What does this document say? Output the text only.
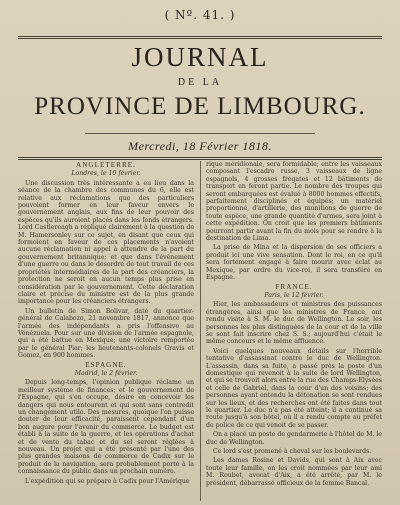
( Nº. 41. )
JOURNAL
DE LA
PROVINCE DE LIMBOURG.
Mercredi, 18 Février 1818.
ANGLETERRE.
Londres, le 10 février.

Une discussion très intéressante a eu lieu dans la séance de la chambre des communes du 6, elle est relative aux réclamations que des particuliers pouvoient former en leur faveur envers le gouvernement anglais, aux fins de leur pouvoir des espèces qu'ils auroient placés dans les fonds étrangers. Lord Castlereagh a répliqué clairement à la question de M. Hamersonley sur ce sujet, en disant que ceux qui formoient en faveur de ces placements n'avoient aucune réclamation ni appel à attendre de la part du gouvernement britannique; et que dans l'événement d'une guerre ou dans le désordre de tout travail de ces propriétés intermédiaires de la part des créanciers, la protection ne seroit en aucun temps plus prise en considération par le gouvernement. Cette déclaration claire et précise du ministre est de la plus grande importance pour les créanciers étrangers.

Un bulletin de Simon Bolivar, daté du quartier-général de Calabozo, 21 novembre 1817, annonce que l'armée des indépendants a pris l'offensive au Vénézuela. Pour sur une division de l'armée espagnole, qui a été battue en Mexique; une victoire remportée par le général Piar; les lieutenants-colonels Gravis et Gomez, en 900 hommes.

ESPAGNE.
Madrid, le 2 février.

Depuis long-temps, l'opinion publique réclame un meilleur système de finances; et le gouvernement de l'Espagne, qui s'en occupe, désire en concevoir les dangers qui nous entourent et qui sont sans contredit un changement utile. Des mesures, quoique l'on puisse douter de leur efficacité, paraissent cependant d'un bon augure pour l'avenir du commerce. Le budget est établi à la suite de la guerre, et les opérations d'achat et de vente du tabac et du sel seront réglées à nouveau. Un projet qui a été présenté par l'une des plus grandes maisons de commerce de Cadix sur le produit de la navigation, sera probablement porté à la connaissance du public dans un prochain numéro.

L'expédition qui se prépare à Cadix pour l'Amérique

rique méridionale, sera formidable; entre les vaisseaux composant l'escadre russe, 3 vaisseaux de ligne espagnols, 4 grosses frégates et 12 bâtiments de transport en feront partie. Le nombre des troupes qui seront embarquées est évalué à 8000 hommes effectifs, parfaitement disciplinés et équipés; un matériel proportionné, d'artillerie, des munitions de guerre de toute espèce, une grande quantité d'armes, sera joint à cette expédition. On croit que les premiers bâtiments pourront partir avant la fin du mois pour se rendre à la destination de Lima.

La prise de Mina et la dispersion de ses officiers a produit ici une vive sensation. Dont le roi, en ce qu'il sera fortement engagé à faire mourir avec éclat au Mexique, par ordre du vice-roi, il sera transféré en Espagne.

FRANCE.
Paris, le 12 février.

Hier, les ambassadeurs et ministres des puissances étrangères, ainsi que les ministres de France, ont rendu visite à S. M. le duc de Wellington. Le soir, les personnes les plus distinguées de la cour et de la ville se sont fait inscrire chez S. S.; aujourd'hui c'était le même concours et le même affluence.

Voici quelques nouveaux détails sur l'horrible tentative d'assassinat contre le duc de Wellington. L'assassin, dans sa fuite, a passé près la poste d'un domestique qui revenoit à la suite de lord Wellington, et qui se trouvoit alors entre la rue des Champs-Elysées et celle de Gabriel, dans la cour d'un des voisins; des personnes ayant entendu la détonation se sont rendues sur les lieux, et des recherches ont été faites dans tout le quartier. Le duc n'a pas été atteint; il a continué sa route jusqu'à son hôtel, où il a rendu compte au préfet de police de ce qui venoit de se passer.

On a placé un poste de gendarmerie à l'hôtel de M. le duc de Wellington.

Ce lord s'est promené à cheval sur les boulevards.

Les dames Rosine et Davids, qui sont à Aix avec toute leur famille, on les croit nommées par leur ami M. Roubet, avocat d'Aix, a été arrêté, par M. le président, débarrassé officieux de la femme Bancal.
